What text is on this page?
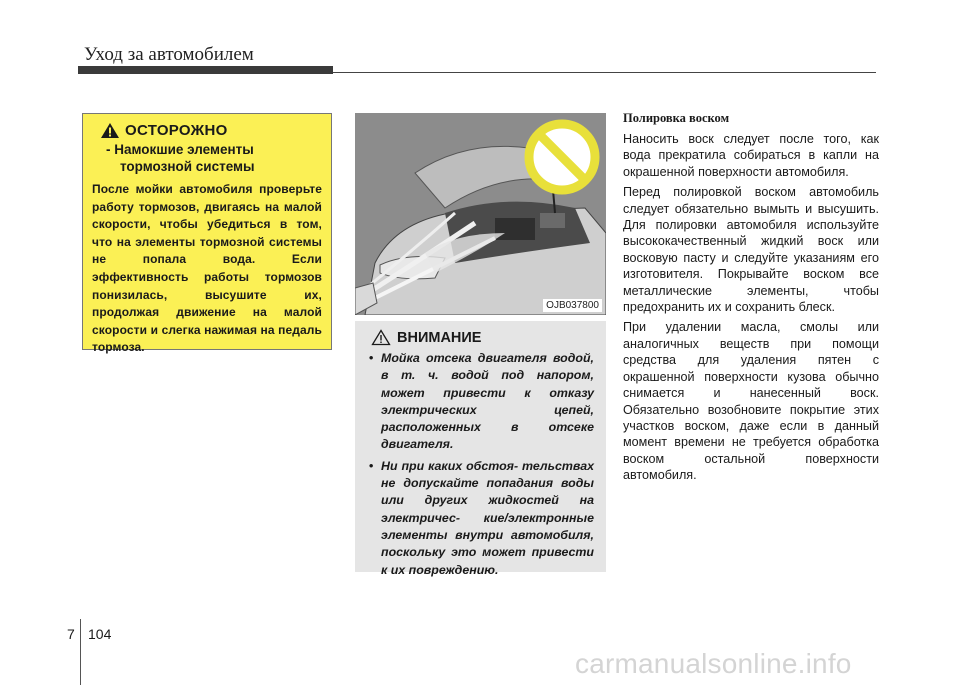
Уход за автомобилем
ОСТОРОЖНО
- Намокшие элементы тормозной системы
После мойки автомобиля проверьте работу тормозов, двигаясь на малой скорости, чтобы убедиться в том, что на элементы тормозной системы не попала вода. Если эффективность работы тормозов понизилась, высушите их, продолжая движение на малой скорости и слегка нажимая на педаль тормоза.
OJB037800
ВНИМАНИЕ
• Мойка отсека двигателя водой, в т. ч. водой под напором, может привести к отказу электрических цепей, расположенных в отсеке двигателя.
• Ни при каких обстоя- тельствах не допускайте попадания воды или других жидкостей на электричес- кие/электронные элементы внутри автомобиля, поскольку это может привести к их повреждению.
Полировка воском

Наносить воск следует после того, как вода прекратила собираться в капли на окрашенной поверхности автомобиля.

Перед полировкой воском автомобиль следует обязательно вымыть и высушить. Для полировки автомобиля используйте высококачественный жидкий воск или восковую пасту и следуйте указаниям его изготовителя. Покрывайте воском все металлические элементы, чтобы предохранить их и сохранить блеск.

При удалении масла, смолы или аналогичных веществ при помощи средства для удаления пятен с окрашенной поверхности кузова обычно снимается и нанесенный воск. Обязательно возобновите покрытие этих участков воском, даже если в данный момент времени не требуется обработка воском остальной поверхности автомобиля.

7 104
carmanualsonline.info
